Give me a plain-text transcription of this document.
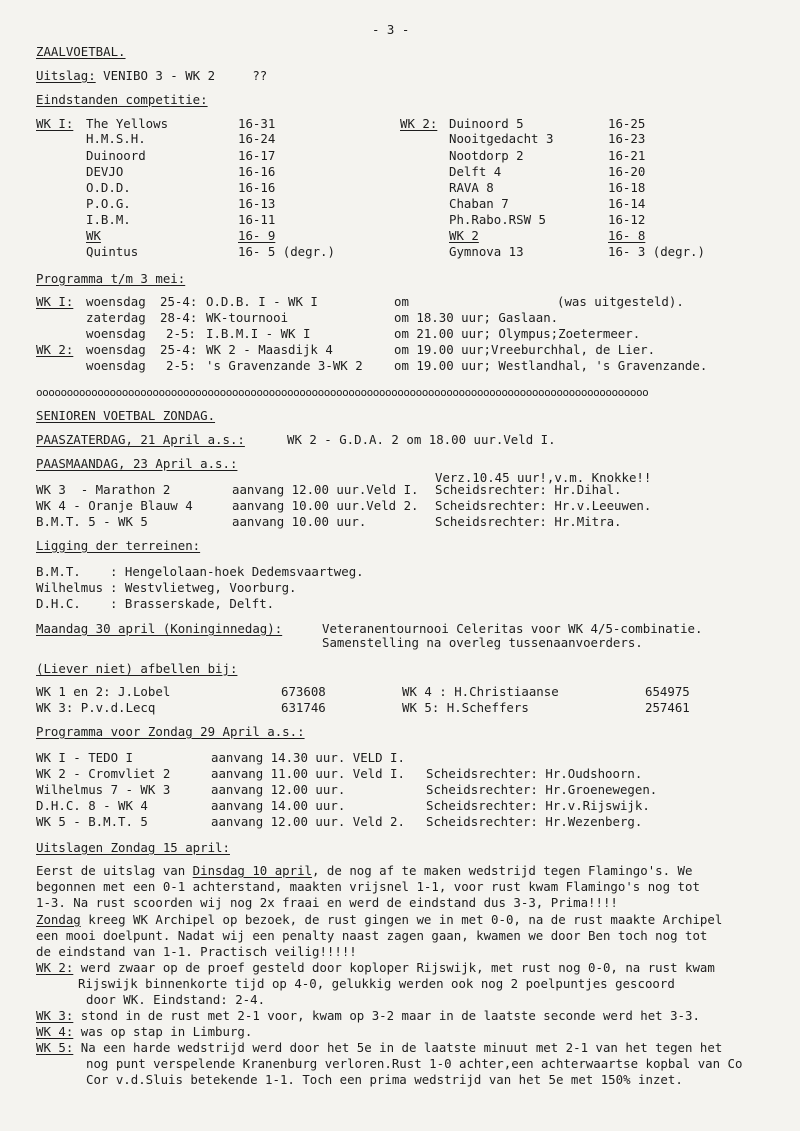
- 3 -
ZAALVOETBAL.
Uitslag: VENIBO 3 - WK 2     ??
Eindstanden competitie:
WK I: The Yellows	16-31
H.M.S.H.	16-24
Duinoord	16-17
DEVJO	16-16
O.D.D.	16-16
P.O.G.	16-13
I.B.M.	16-11
WK	16- 9
Quintus	16- 5 (degr.)
WK 2: Duinoord 5	16-25
Nooitgedacht 3	16-23
Nootdorp 2	16-21
Delft 4	16-20
RAVA 8	16-18
Chaban 7	16-14
Ph.Rabo.RSW 5	16-12
WK 2	16- 8
Gymnova 13	16- 3 (degr.)
Programma t/m 3 mei:
WK I: woensdag 25-4: O.D.B. I - WK I	om	(was uitgesteld).
zaterdag 28-4: WK-tournooi	om 18.30 uur; Gaslaan.
woensdag 2-5: I.B.M.I - WK I	om 21.00 uur; Olympus;Zoetermeer.
WK 2: woensdag 25-4: WK 2 - Maasdijk 4	om 19.00 uur;Vreeburchhal, de Lier.
woensdag 2-5: 's Gravenzande 3-WK 2	om 19.00 uur; Westlandhal, 's Gravenzande.
oooooooooooooooooooooooooooooooooooooooooooooooooooooooooooooooooooooooooooooooooooooooooooooooooooo
SENIOREN VOETBAL ZONDAG.
PAASZATERDAG, 21 April a.s.:	WK 2 - G.D.A. 2 om 18.00 uur.Veld I.
PAASMAANDAG, 23 April a.s.:
Verz.10.45 uur!,v.m. Knokke!!
WK 3  - Marathon 2	aanvang 12.00 uur.Veld I. Scheidsrechter: Hr.Dihal.
WK 4 - Oranje Blauw 4	aanvang 10.00 uur.Veld 2. Scheidsrechter: Hr.v.Leeuwen.
B.M.T. 5 - WK 5	aanvang 10.00 uur.	Scheidsrechter: Hr.Mitra.
Ligging der terreinen:
B.M.T. : Hengelolaan-hoek Dedemsvaartweg.
Wilhelmus : Westvlietweg, Voorburg.
D.H.C. : Brasserskade, Delft.
Maandag 30 april (Koninginnedag):	Veteranentournooi Celeritas voor WK 4/5-combinatie.
Samenstelling na overleg tussenaanvoerders.
(Liever niet) afbellen bij:
WK 1 en 2: J.Lobel	673608	WK 4 : H.Christiaanse	654975
WK 3: P.v.d.Lecq	631746	WK 5: H.Scheffers	257461
Programma voor Zondag 29 April a.s.:
WK I - TEDO I	aanvang 14.30 uur. VELD I.
WK 2 - Cromvliet 2	aanvang 11.00 uur. Veld I. Scheidsrechter: Hr.Oudshoorn.
Wilhelmus 7 - WK 3	aanvang 12.00 uur.	Scheidsrechter: Hr.Groenewegen.
D.H.C. 8 - WK 4	aanvang 14.00 uur.	Scheidsrechter: Hr.v.Rijswijk.
WK 5 - B.M.T. 5	aanvang 12.00 uur. Veld 2. Scheidsrechter: Hr.Wezenberg.
Uitslagen Zondag 15 april:
Eerst de uitslag van Dinsdag 10 april, de nog af te maken wedstrijd tegen Flamingo's. We
begonnen met een 0-1 achterstand, maakten vrijsnel 1-1, voor rust kwam Flamingo's nog tot
1-3. Na rust scoorden wij nog 2x fraai en werd de eindstand dus 3-3, Prima!!!!
Zondag kreeg WK Archipel op bezoek, de rust gingen we in met 0-0, na de rust maakte Archipel
een mooi doelpunt. Nadat wij een penalty naast zagen gaan, kwamen we door Ben toch nog tot
de eindstand van 1-1. Practisch veilig!!!!!
WK 2: werd zwaar op de proef gesteld door koploper Rijswijk, met rust nog 0-0, na rust kwam
Rijswijk binnenkorte tijd op 4-0, gelukkig werden ook nog 2 poelpuntjes gescoord
door WK. Eindstand: 2-4.
WK 3: stond in de rust met 2-1 voor, kwam op 3-2 maar in de laatste seconde werd het 3-3.
WK 4: was op stap in Limburg.
WK 5: Na een harde wedstrijd werd door het 5e in de laatste minuut met 2-1 van het tegen het
nog punt verspelende Kranenburg verloren.Rust 1-0 achter,een achterwaartse kopbal van Co
Cor v.d.Sluis betekende 1-1. Toch een prima wedstrijd van het 5e met 150% inzet.
